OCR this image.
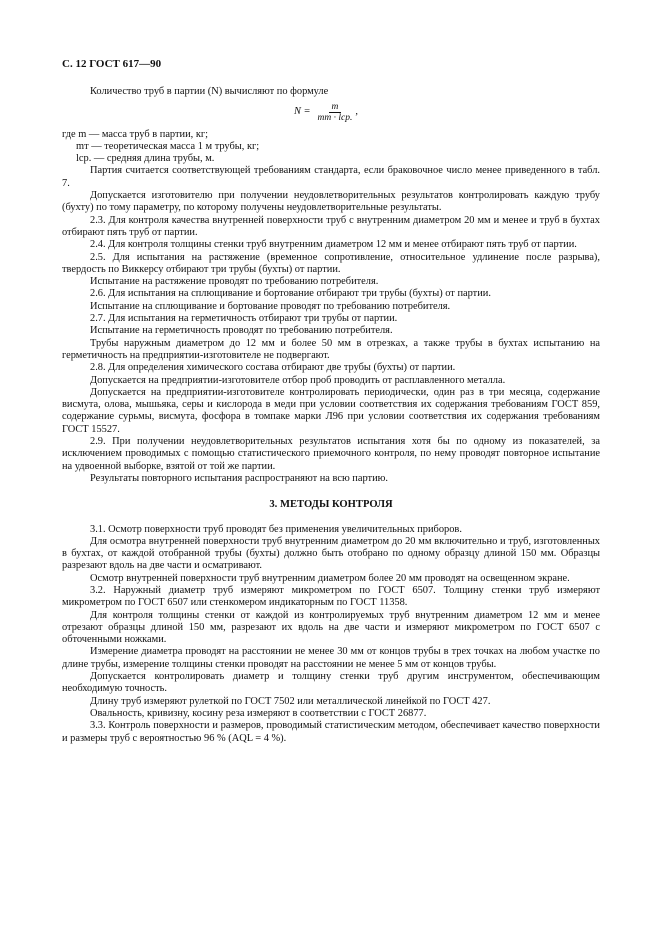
С. 12 ГОСТ 617—90

Количество труб в партии (N) вычисляют по формуле

$N = \frac{m}{\text{mт · lср.}}$ ,

где m — масса труб в партии, кг;

mт — теоретическая масса 1 м трубы, кг;

lср. — средняя длина трубы, м.

Партия считается соответствующей требованиям стандарта, если браковочное число менее приведенного в табл. 7.

Допускается изготовителю при получении неудовлетворительных результатов контролировать каждую трубу (бухту) по тому параметру, по которому получены неудовлетворительные результаты.

2.3. Для контроля качества внутренней поверхности труб с внутренним диаметром 20 мм и менее и труб в бухтах отбирают пять труб от партии.

2.4. Для контроля толщины стенки труб внутренним диаметром 12 мм и менее отбирают пять труб от партии.

2.5. Для испытания на растяжение (временное сопротивление, относительное удлинение после разрыва), твердость по Виккерсу отбирают три трубы (бухты) от партии.

Испытание на растяжение проводят по требованию потребителя.

2.6. Для испытания на сплющивание и бортование отбирают три трубы (бухты) от партии.

Испытание на сплющивание и бортование проводят по требованию потребителя.

2.7. Для испытания на герметичность отбирают три трубы от партии.

Испытание на герметичность проводят по требованию потребителя.

Трубы наружным диаметром до 12 мм и более 50 мм в отрезках, а также трубы в бухтах испытанию на герметичность на предприятии-изготовителе не подвергают.

2.8. Для определения химического состава отбирают две трубы (бухты) от партии.

Допускается на предприятии-изготовителе отбор проб проводить от расплавленного металла.

Допускается на предприятии-изготовителе контролировать периодически, один раз в три месяца, содержание висмута, олова, мышьяка, серы и кислорода в меди при условии соответствия их содержания требованиям ГОСТ 859, содержание сурьмы, висмута, фосфора в томпаке марки Л96 при условии соответствия их содержания требованиям ГОСТ 15527.

2.9. При получении неудовлетворительных результатов испытания хотя бы по одному из показателей, за исключением проводимых с помощью статистического приемочного контроля, по нему проводят повторное испытание на удвоенной выборке, взятой от той же партии.

Результаты повторного испытания распространяют на всю партию.

3. МЕТОДЫ КОНТРОЛЯ

3.1. Осмотр поверхности труб проводят без применения увеличительных приборов.

Для осмотра внутренней поверхности труб внутренним диаметром до 20 мм включительно и труб, изготовленных в бухтах, от каждой отобранной трубы (бухты) должно быть отобрано по одному образцу длиной 150 мм. Образцы разрезают вдоль на две части и осматривают.

Осмотр внутренней поверхности труб внутренним диаметром более 20 мм проводят на освещенном экране.

3.2. Наружный диаметр труб измеряют микрометром по ГОСТ 6507. Толщину стенки труб измеряют микрометром по ГОСТ 6507 или стенкомером индикаторным по ГОСТ 11358.

Для контроля толщины стенки от каждой из контролируемых труб внутренним диаметром 12 мм и менее отрезают образцы длиной 150 мм, разрезают их вдоль на две части и измеряют микрометром по ГОСТ 6507 с обточенными ножками.

Измерение диаметра проводят на расстоянии не менее 30 мм от концов трубы в трех точках на любом участке по длине трубы, измерение толщины стенки проводят на расстоянии не менее 5 мм от концов трубы.

Допускается контролировать диаметр и толщину стенки труб другим инструментом, обеспечивающим необходимую точность.

Длину труб измеряют рулеткой по ГОСТ 7502 или металлической линейкой по ГОСТ 427.

Овальность, кривизну, косину реза измеряют в соответствии с ГОСТ 26877.

3.3. Контроль поверхности и размеров, проводимый статистическим методом, обеспечивает качество поверхности и размеры труб с вероятностью 96 % (AQL = 4 %).
